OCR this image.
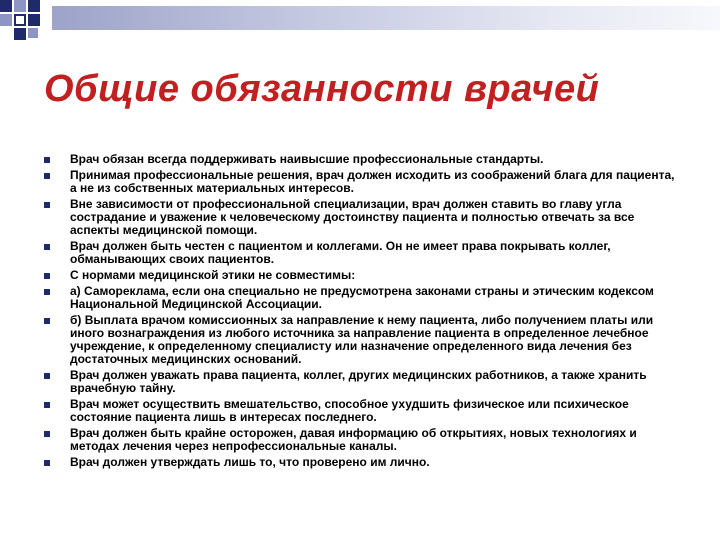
Общие обязанности врачей
Врач обязан всегда поддерживать наивысшие профессиональные стандарты.
Принимая профессиональные решения, врач должен исходить из соображений блага для пациента, а не из собственных материальных интересов.
Вне зависимости от профессиональной специализации, врач должен ставить во главу угла сострадание и уважение к человеческому достоинству пациента и полностью отвечать за все аспекты медицинской помощи.
Врач должен быть честен с пациентом и коллегами. Он не имеет права покрывать коллег, обманывающих своих пациентов.
С нормами медицинской этики не совместимы:
а) Самореклама, если она специально не предусмотрена законами страны и этическим кодексом Национальной Медицинской Ассоциации.
б) Выплата врачом комиссионных за направление к нему пациента, либо получением платы или иного вознаграждения из любого источника за направление пациента в определенное лечебное учреждение, к определенному специалисту или назначение определенного вида лечения без достаточных медицинских оснований.
Врач должен уважать права пациента, коллег, других медицинских работников, а также хранить врачебную тайну.
Врач может осуществить вмешательство, способное ухудшить физическое или психическое состояние пациента лишь в интересах последнего.
Врач должен быть крайне осторожен, давая информацию об открытиях, новых технологиях и методах лечения через непрофессиональные каналы.
Врач должен утверждать лишь то, что проверено им лично.
